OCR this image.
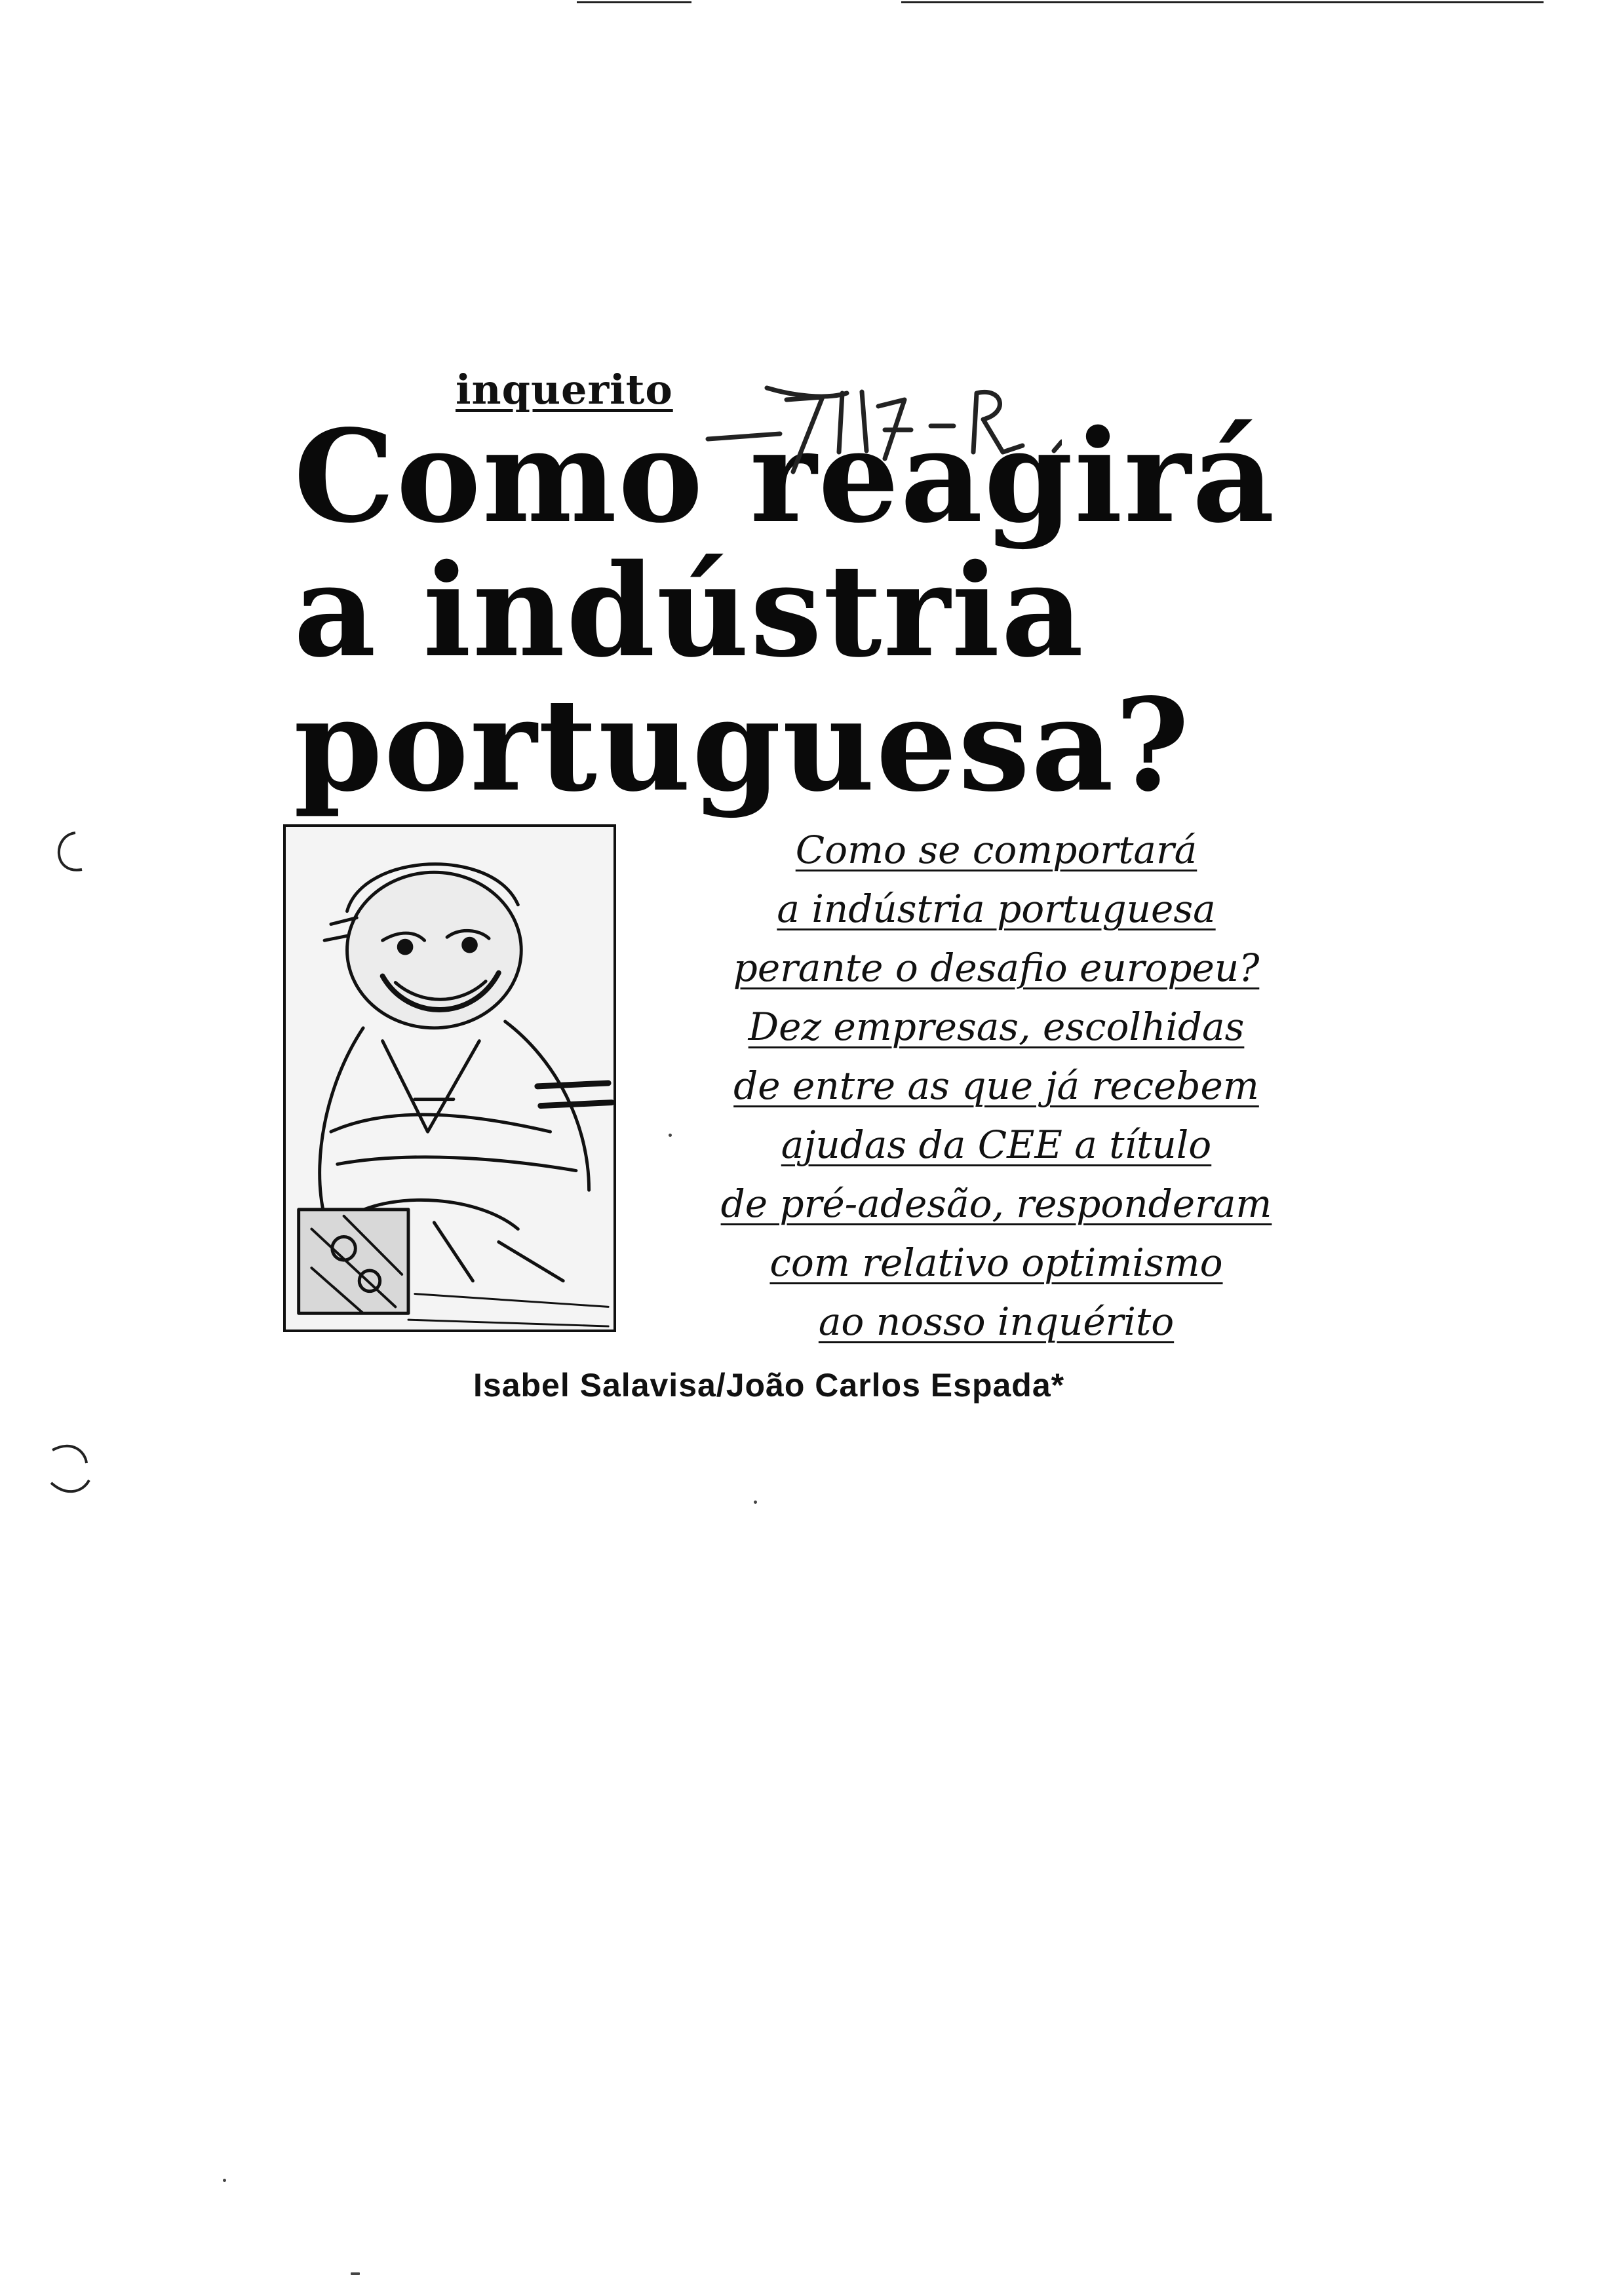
inquerito
Como reagirá
a indústria
portuguesa?
Como se comportará
a indústria portuguesa
perante o desafio europeu?
Dez empresas, escolhidas
de entre as que já recebem
ajudas da CEE a título
de pré-adesão, responderam
com relativo optimismo
ao nosso inquérito
Isabel Salavisa/João Carlos Espada*
